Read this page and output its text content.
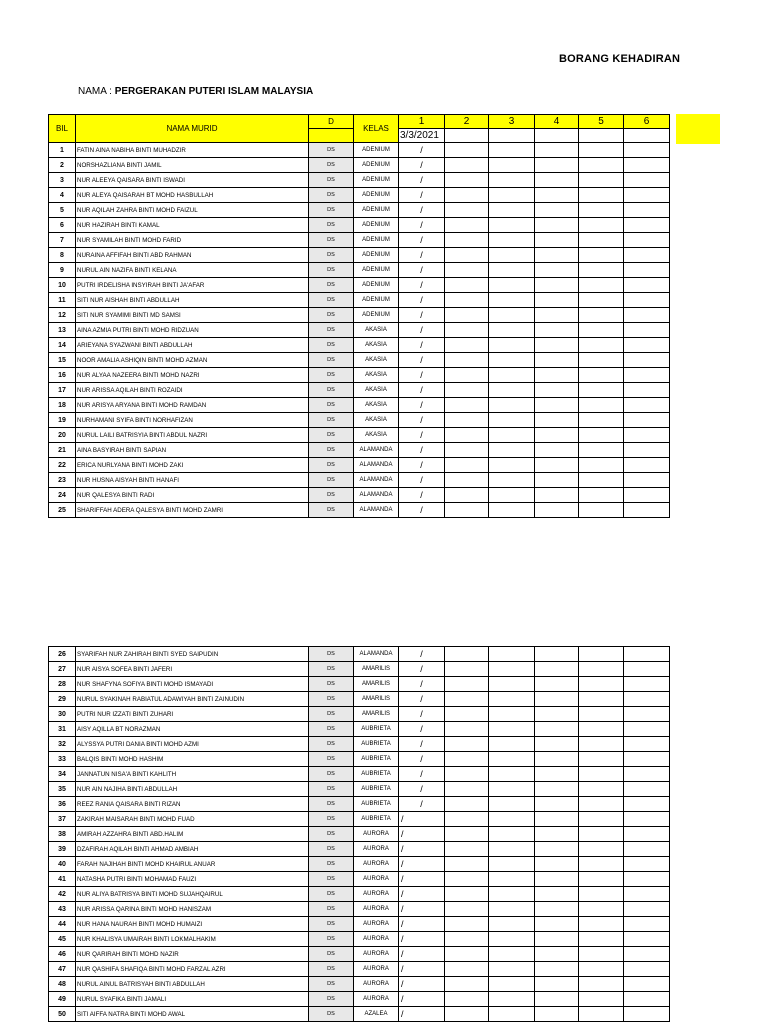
BORANG KEHADIRAN
NAMA : PERGERAKAN PUTERI ISLAM MALAYSIA
BIL	NAMA MURID	D	KELAS	1	2	3	4	5	6
				3/3/2021					
1	FATIN AINA NABIHA BINTI MUHADZIR	DS	ADENIUM	/					
2	NORSHAZLIANA BINTI JAMIL	DS	ADENIUM	/					
3	NUR ALEEYA QAISARA BINTI ISWADI	DS	ADENIUM	/					
4	NUR ALEYA QAISARAH BT MOHD HASBULLAH	DS	ADENIUM	/					
5	NUR AQILAH ZAHRA BINTI MOHD FAIZUL	DS	ADENIUM	/					
6	NUR HAZIRAH BINTI KAMAL	DS	ADENIUM	/					
7	NUR SYAMILAH BINTI MOHD FARID	DS	ADENIUM	/					
8	NURAINA AFFIFAH BINTI ABD RAHMAN	DS	ADENIUM	/					
9	NURUL AIN NAZIFA BINTI KELANA	DS	ADENIUM	/					
10	PUTRI IRDELISHA INSYIRAH BINTI JA'AFAR	DS	ADENIUM	/					
11	SITI NUR AISHAH BINTI ABDULLAH	DS	ADENIUM	/					
12	SITI NUR SYAMIMI BINTI MD SAMSI	DS	ADENIUM	/					
13	AINA AZMIA PUTRI BINTI MOHD RIDZUAN	DS	AKASIA	/					
14	ARIEYANA SYAZWANI BINTI ABDULLAH	DS	AKASIA	/					
15	NOOR AMALIA ASHIQIN BINTI MOHD AZMAN	DS	AKASIA	/					
16	NUR ALYAA NAZEERA BINTI MOHD NAZRI	DS	AKASIA	/					
17	NUR ARISSA AQILAH BINTI ROZAIDI	DS	AKASIA	/					
18	NUR ARISYA ARYANA BINTI MOHD RAMDAN	DS	AKASIA	/					
19	NURHAMANI SYIFA BINTI NORHAFIZAN	DS	AKASIA	/					
20	NURUL LAILI BATRISYIA BINTI ABDUL NAZRI	DS	AKASIA	/					
21	AINA BASYIRAH BINTI SAPIAN	DS	ALAMANDA	/					
22	ERICA NURLYANA BINTI MOHD ZAKI	DS	ALAMANDA	/					
23	NUR HUSNA AISYAH BINTI HANAFI	DS	ALAMANDA	/					
24	NUR QALESYA BINTI RADI	DS	ALAMANDA	/					
25	SHARIFFAH ADERA QALESYA BINTI MOHD ZAMRI	DS	ALAMANDA	/					
26	SYARIFAH NUR ZAHIRAH BINTI SYED SAIPUDIN	DS	ALAMANDA	/					
27	NUR AISYA SOFEA BINTI JAFERI	DS	AMARILIS	/					
28	NUR SHAFYNA SOFIYA BINTI MOHD ISMAYADI	DS	AMARILIS	/					
29	NURUL SYAKINAH RABIATUL ADAWIYAH BINTI ZAINUDIN	DS	AMARILIS	/					
30	PUTRI NUR IZZATI BINTI ZUHARI	DS	AMARILIS	/					
31	AISY AQILLA BT NORAZMAN	DS	AUBRIETA	/					
32	ALYSSYA PUTRI DANIA BINTI MOHD AZMI	DS	AUBRIETA	/					
33	BALQIS BINTI MOHD HASHIM	DS	AUBRIETA	/					
34	JANNATUN NISA'A BINTI KAHLITH	DS	AUBRIETA	/					
35	NUR AIN NAJIHA BINTI ABDULLAH	DS	AUBRIETA	/					
36	REEZ RANIA QAISARA BINTI RIZAN	DS	AUBRIETA	/					
37	ZAKIRAH MAISARAH BINTI MOHD FUAD	DS	AUBRIETA	/					
38	AMIRAH AZZAHRA BINTI ABD.HALIM	DS	AURORA	/					
39	DZAFIRAH AQILAH BINTI AHMAD AMBIAH	DS	AURORA	/					
40	FARAH NAJIHAH BINTI MOHD KHAIRUL ANUAR	DS	AURORA	/					
41	NATASHA PUTRI BINTI MOHAMAD FAUZI	DS	AURORA	/					
42	NUR ALIYA BATRISYA BINTI MOHD SUJAHQAIRUL	DS	AURORA	/					
43	NUR ARISSA QARINA BINTI MOHD HANISZAM	DS	AURORA	/					
44	NUR HANA NAURAH BINTI MOHD HUMAIZI	DS	AURORA	/					
45	NUR KHALISYA UMAIRAH BINTI LOKMALHAKIM	DS	AURORA	/					
46	NUR QARIRAH BINTI MOHD NAZIR	DS	AURORA	/					
47	NUR QASHIFA SHAFIQA BINTI MOHD FARZAL AZRI	DS	AURORA	/					
48	NURUL AINUL BATRISYAH BINTI ABDULLAH	DS	AURORA	/					
49	NURUL SYAFIKA BINTI JAMALI	DS	AURORA	/					
50	SITI AIFFA NATRA BINTI MOHD AWAL	DS	AZALEA	/					
